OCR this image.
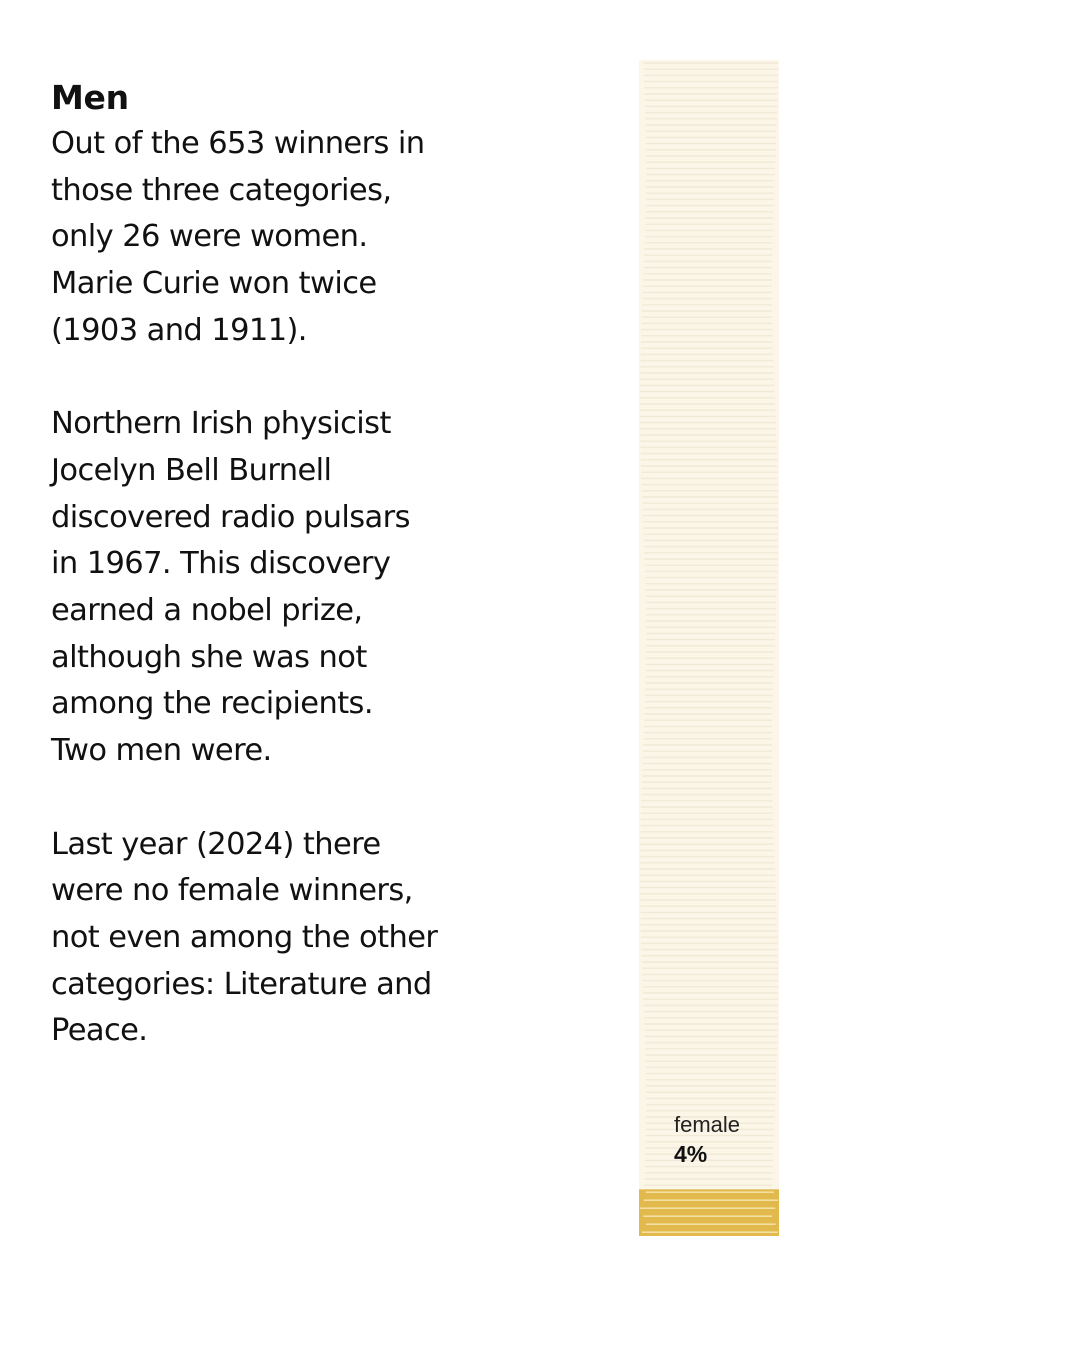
Men

Out of the 653 winners in
those three categories,
only 26 were women.
Marie Curie won twice
(1903 and 1911).

Northern Irish physicist
Jocelyn Bell Burnell
discovered radio pulsars
in 1967. This discovery
earned a nobel prize,
although she was not
among the recipients.
Two men were.

Last year (2024) there
were no female winners,
not even among the other
categories: Literature and
Peace.

female
4%
